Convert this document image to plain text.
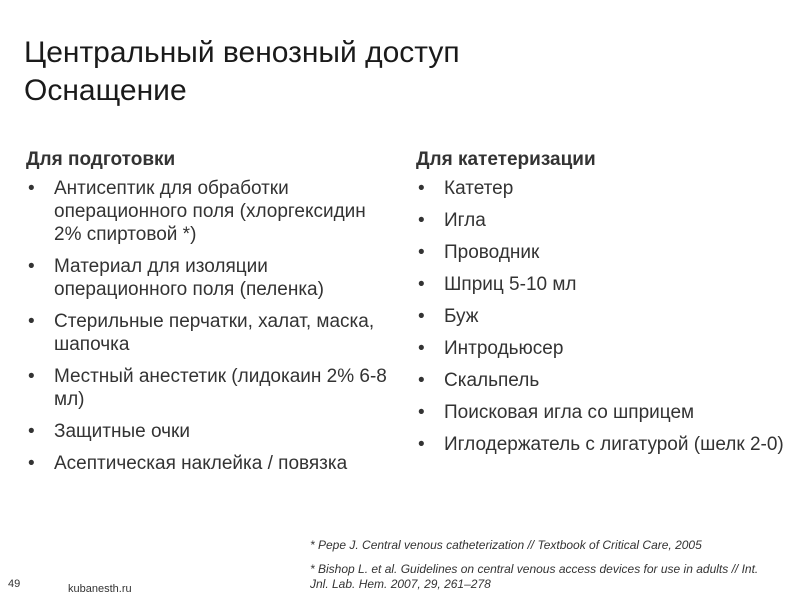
Центральный венозный доступ
Оснащение
Для подготовки
• Антисептик для обработки операционного поля (хлоргексидин 2% спиртовой *)
• Материал для изоляции операционного поля (пеленка)
• Стерильные перчатки, халат, маска, шапочка
• Местный анестетик (лидокаин 2% 6-8 мл)
• Защитные очки
• Асептическая наклейка / повязка
Для катетеризации
• Катетер
• Игла
• Проводник
• Шприц 5-10 мл
• Буж
• Интродьюсер
• Скальпель
• Поисковая игла со шприцем
• Иглодержатель с лигатурой (шелк 2-0)
* Pepe J. Central venous catheterization // Textbook of Critical Care, 2005
* Bishop L. et al. Guidelines on central venous access devices for use in adults // Int. Jnl. Lab. Hem. 2007, 29, 261–278
49	kubanesth.ru
